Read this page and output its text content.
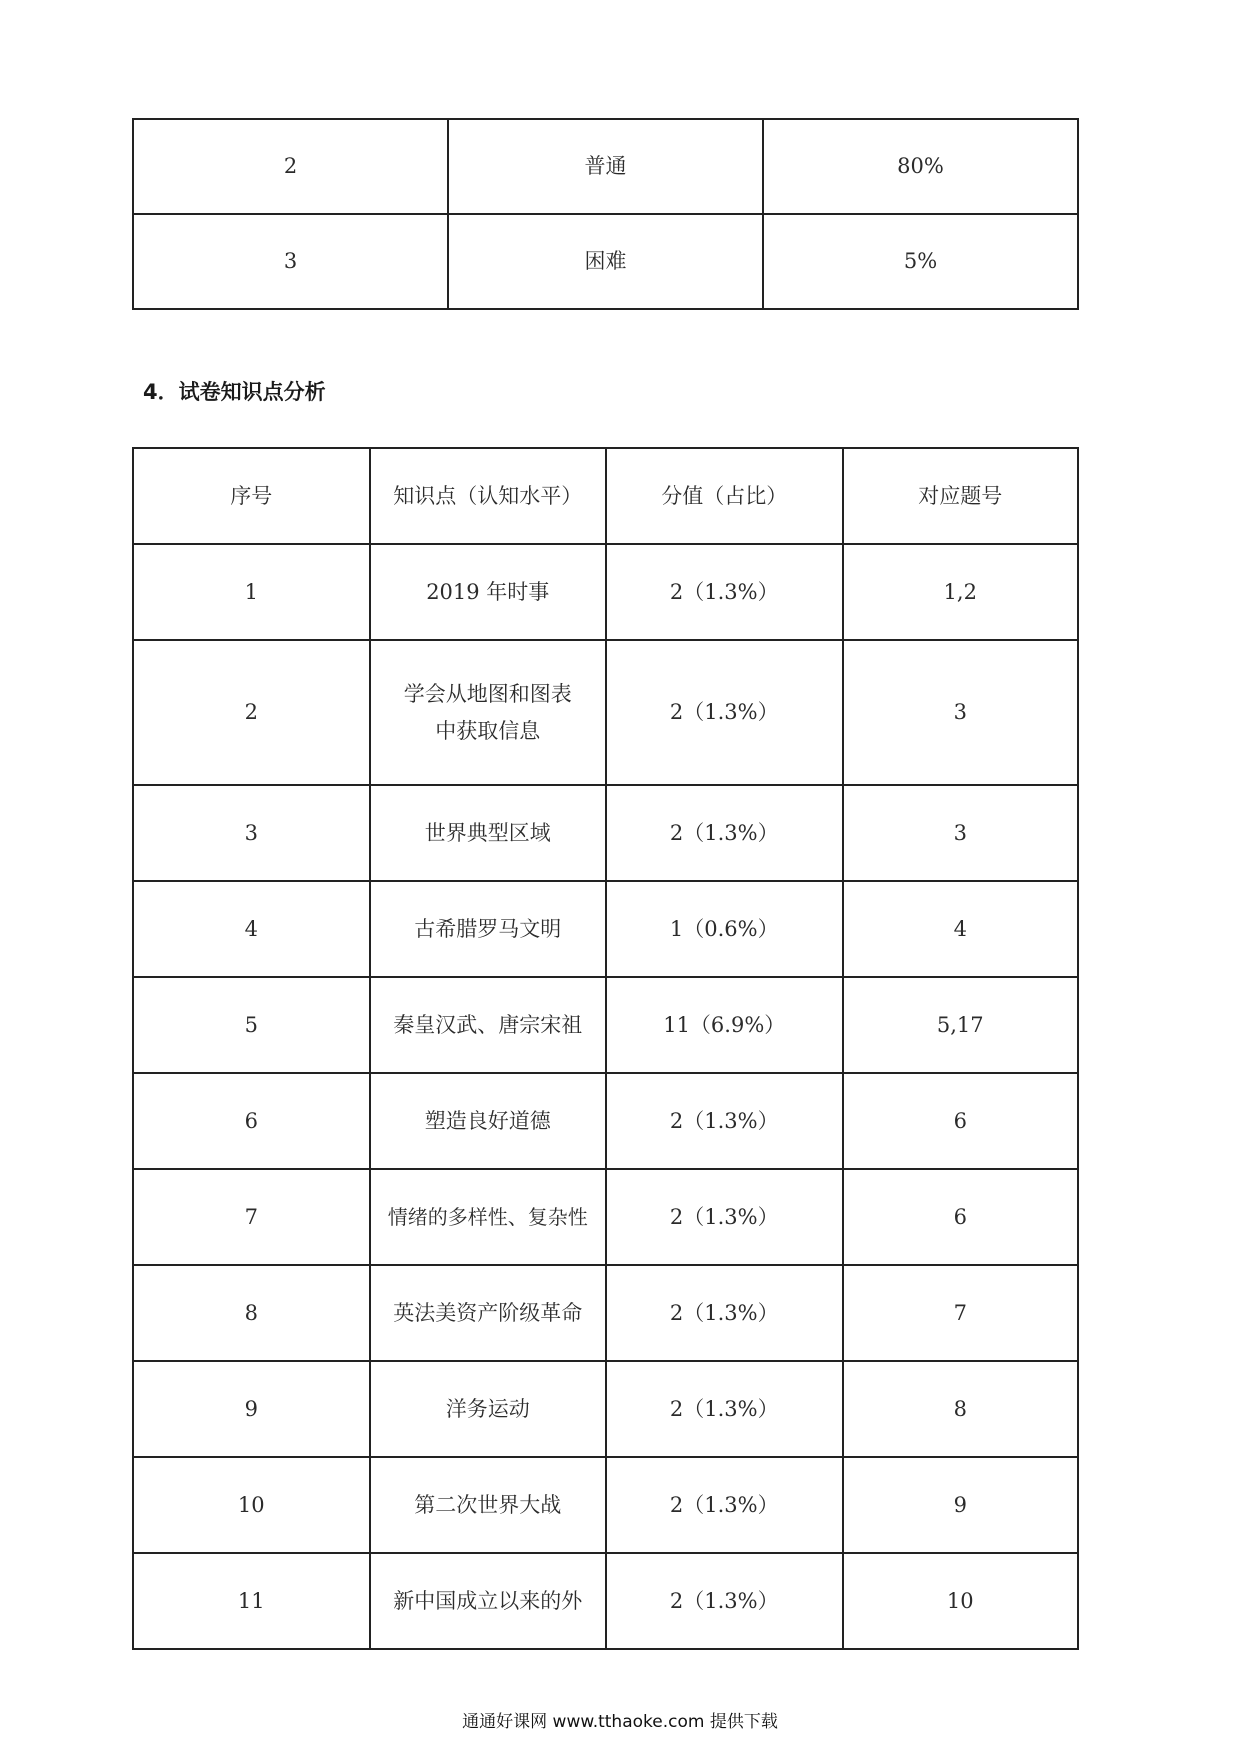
2	普通	80%
3	困难	5%
4．试卷知识点分析
序号	知识点（认知水平）	分值（占比）	对应题号
1	2019 年时事	2（1.3%）	1,2
2	学会从地图和图表中获取信息	2（1.3%）	3
3	世界典型区域	2（1.3%）	3
4	古希腊罗马文明	1（0.6%）	4
5	秦皇汉武、唐宗宋祖	11（6.9%）	5,17
6	塑造良好道德	2（1.3%）	6
7	情绪的多样性、复杂性	2（1.3%）	6
8	英法美资产阶级革命	2（1.3%）	7
9	洋务运动	2（1.3%）	8
10	第二次世界大战	2（1.3%）	9
11	新中国成立以来的外	2（1.3%）	10
通通好课网 www.tthaoke.com 提供下载
